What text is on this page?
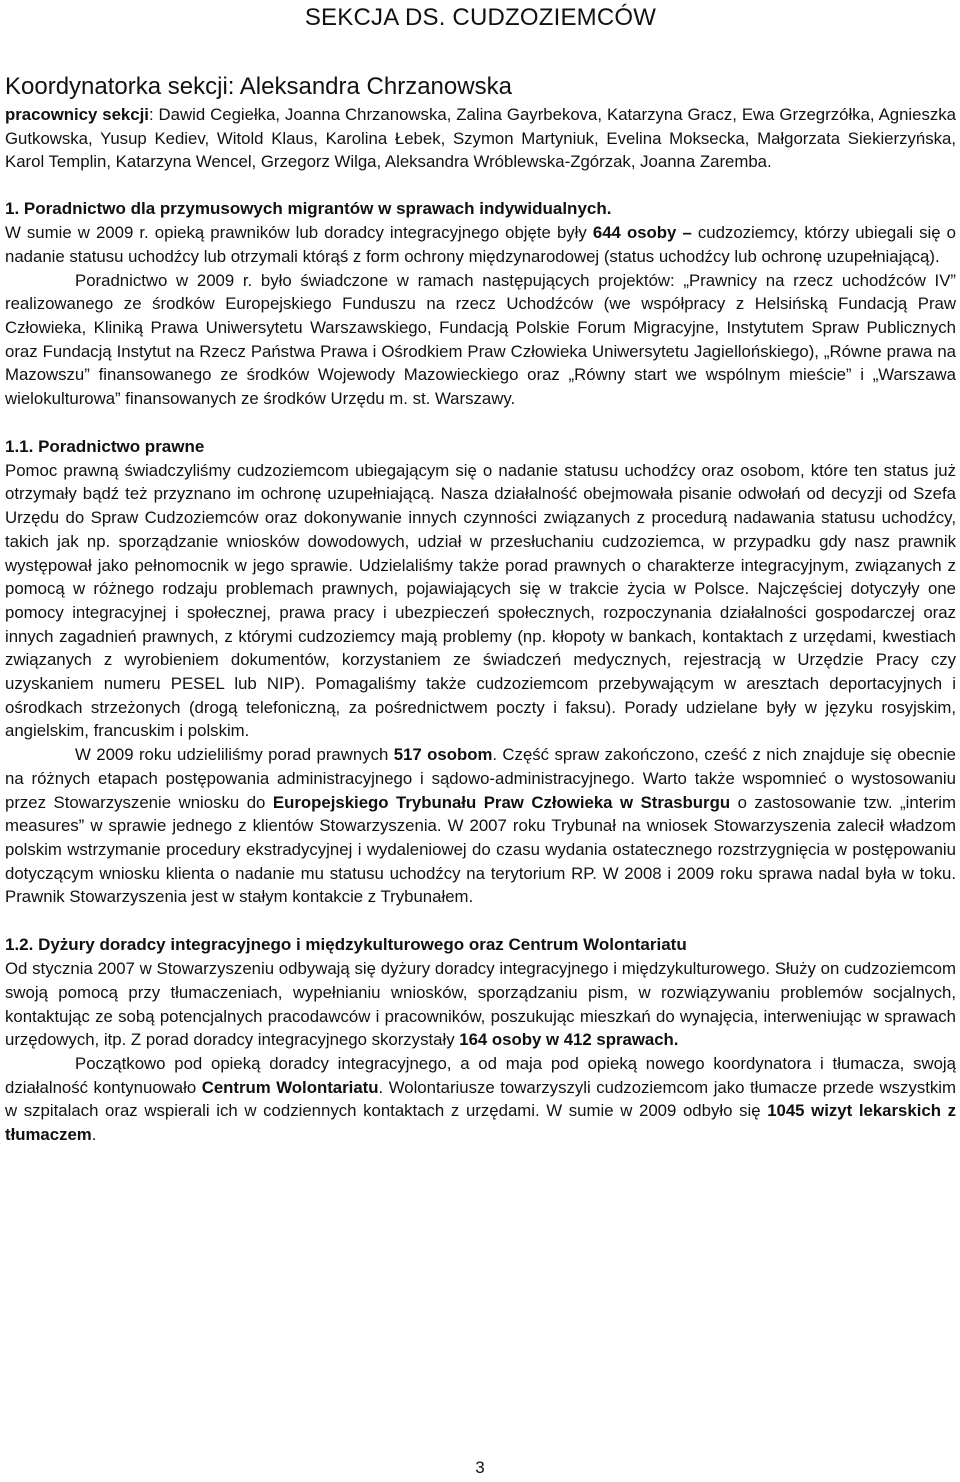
SEKCJA DS. CUDZOZIEMCÓW
Koordynatorka sekcji: Aleksandra Chrzanowska

pracownicy sekcji: Dawid Cegiełka, Joanna Chrzanowska, Zalina Gayrbekova, Katarzyna Gracz, Ewa Grzegrzółka, Agnieszka Gutkowska, Yusup Kediev, Witold Klaus, Karolina Łebek, Szymon Martyniuk, Evelina Moksecka, Małgorzata Siekierzyńska, Karol Templin, Katarzyna Wencel, Grzegorz Wilga, Aleksandra Wróblewska-Zgórzak, Joanna Zaremba.

1. Poradnictwo dla przymusowych migrantów w sprawach indywidualnych.

W sumie w 2009 r. opieką prawników lub doradcy integracyjnego objęte były 644 osoby – cudzoziemcy, którzy ubiegali się o nadanie statusu uchodźcy lub otrzymali którąś z form ochrony międzynarodowej (status uchodźcy lub ochronę uzupełniającą).

Poradnictwo w 2009 r. było świadczone w ramach następujących projektów: „Prawnicy na rzecz uchodźców IV” realizowanego ze środków Europejskiego Funduszu na rzecz Uchodźców (we współpracy z Helsińską Fundacją Praw Człowieka, Kliniką Prawa Uniwersytetu Warszawskiego, Fundacją Polskie Forum Migracyjne, Instytutem Spraw Publicznych oraz Fundacją Instytut na Rzecz Państwa Prawa i Ośrodkiem Praw Człowieka Uniwersytetu Jagiellońskiego), „Równe prawa na Mazowszu” finansowanego ze środków Wojewody Mazowieckiego oraz „Równy start we wspólnym mieście” i „Warszawa wielokulturowa” finansowanych ze środków Urzędu m. st. Warszawy.

1.1. Poradnictwo prawne

Pomoc prawną świadczyliśmy cudzoziemcom ubiegającym się o nadanie statusu uchodźcy oraz osobom, które ten status już otrzymały bądź też przyznano im ochronę uzupełniającą. Nasza działalność obejmowała pisanie odwołań od decyzji od Szefa Urzędu do Spraw Cudzoziemców oraz dokonywanie innych czynności związanych z procedurą nadawania statusu uchodźcy, takich jak np. sporządzanie wniosków dowodowych, udział w przesłuchaniu cudzoziemca, w przypadku gdy nasz prawnik występował jako pełnomocnik w jego sprawie. Udzielaliśmy także porad prawnych o charakterze integracyjnym, związanych z pomocą w różnego rodzaju problemach prawnych, pojawiających się w trakcie życia w Polsce. Najczęściej dotyczyły one pomocy integracyjnej i społecznej, prawa pracy i ubezpieczeń społecznych, rozpoczynania działalności gospodarczej oraz innych zagadnień prawnych, z którymi cudzoziemcy mają problemy (np. kłopoty w bankach, kontaktach z urzędami, kwestiach związanych z wyrobieniem dokumentów, korzystaniem ze świadczeń medycznych, rejestracją w Urzędzie Pracy czy uzyskaniem numeru PESEL lub NIP). Pomagaliśmy także cudzoziemcom przebywającym w aresztach deportacyjnych i ośrodkach strzeżonych (drogą telefoniczną, za pośrednictwem poczty i faksu). Porady udzielane były w języku rosyjskim, angielskim, francuskim i polskim.

W 2009 roku udzieliliśmy porad prawnych 517 osobom. Część spraw zakończono, cześć z nich znajduje się obecnie na różnych etapach postępowania administracyjnego i sądowo-administracyjnego. Warto także wspomnieć o wystosowaniu przez Stowarzyszenie wniosku do Europejskiego Trybunału Praw Człowieka w Strasburgu o zastosowanie tzw. „interim measures” w sprawie jednego z klientów Stowarzyszenia. W 2007 roku Trybunał na wniosek Stowarzyszenia zalecił władzom polskim wstrzymanie procedury ekstradycyjnej i wydaleniowej do czasu wydania ostatecznego rozstrzygnięcia w postępowaniu dotyczącym wniosku klienta o nadanie mu statusu uchodźcy na terytorium RP. W 2008 i 2009 roku sprawa nadal była w toku. Prawnik Stowarzyszenia jest w stałym kontakcie z Trybunałem.

1.2. Dyżury doradcy integracyjnego i międzykulturowego oraz Centrum Wolontariatu

Od stycznia 2007 w Stowarzyszeniu odbywają się dyżury doradcy integracyjnego i międzykulturowego. Służy on cudzoziemcom swoją pomocą przy tłumaczeniach, wypełnianiu wniosków, sporządzaniu pism, w rozwiązywaniu problemów socjalnych, kontaktując ze sobą potencjalnych pracodawców i pracowników, poszukując mieszkań do wynajęcia, interweniując w sprawach urzędowych, itp. Z porad doradcy integracyjnego skorzystały 164 osoby w 412 sprawach.

Początkowo pod opieką doradcy integracyjnego, a od maja pod opieką nowego koordynatora i tłumacza, swoją działalność kontynuowało Centrum Wolontariatu. Wolontariusze towarzyszyli cudzoziemcom jako tłumacze przede wszystkim w szpitalach oraz wspierali ich w codziennych kontaktach z urzędami. W sumie w 2009 odbyło się 1045 wizyt lekarskich z tłumaczem.

3
